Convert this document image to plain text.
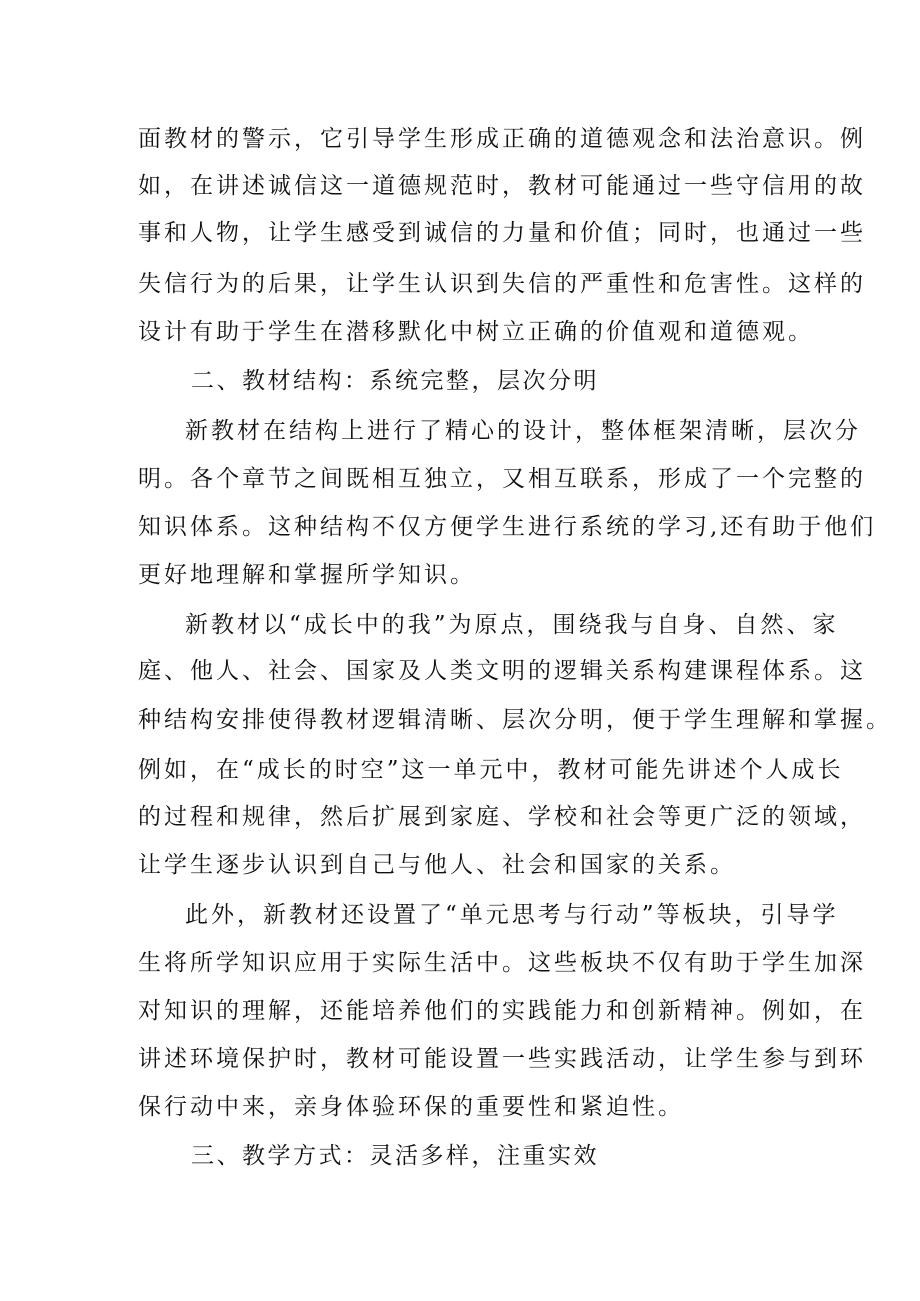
面教材的警示，它引导学生形成正确的道德观念和法治意识。例
如，在讲述诚信这一道德规范时，教材可能通过一些守信用的故
事和人物，让学生感受到诚信的力量和价值；同时，也通过一些
失信行为的后果，让学生认识到失信的严重性和危害性。这样的
设计有助于学生在潜移默化中树立正确的价值观和道德观。
二、教材结构：系统完整，层次分明
新教材在结构上进行了精心的设计，整体框架清晰，层次分
明。各个章节之间既相互独立，又相互联系，形成了一个完整的
知识体系。这种结构不仅方便学生进行系统的学习,还有助于他们
更好地理解和掌握所学知识。
新教材以“成长中的我”为原点，围绕我与自身、自然、家
庭、他人、社会、国家及人类文明的逻辑关系构建课程体系。这
种结构安排使得教材逻辑清晰、层次分明，便于学生理解和掌握。
例如，在“成长的时空”这一单元中，教材可能先讲述个人成长
的过程和规律，然后扩展到家庭、学校和社会等更广泛的领域，
让学生逐步认识到自己与他人、社会和国家的关系。
此外，新教材还设置了“单元思考与行动”等板块，引导学
生将所学知识应用于实际生活中。这些板块不仅有助于学生加深
对知识的理解，还能培养他们的实践能力和创新精神。例如，在
讲述环境保护时，教材可能设置一些实践活动，让学生参与到环
保行动中来，亲身体验环保的重要性和紧迫性。
三、教学方式：灵活多样，注重实效
